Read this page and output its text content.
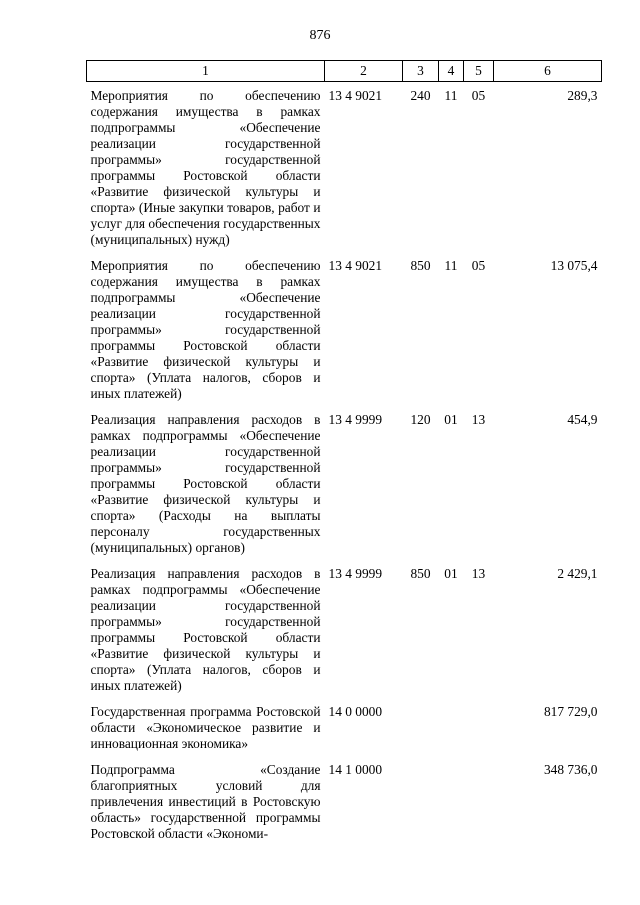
876
1	2	3	4	5	6
Мероприятия по обеспечению содержания имущества в рамках подпрограммы «Обеспечение реализации государственной программы» государственной программы Ростовской области «Развитие физической культуры и спорта» (Иные закупки товаров, работ и услуг для обеспечения государственных (муниципальных) нужд)	13 4 9021	240	11	05	289,3
Мероприятия по обеспечению содержания имущества в рамках подпрограммы «Обеспечение реализации государственной программы» государственной программы Ростовской области «Развитие физической культуры и спорта» (Уплата налогов, сборов и иных платежей)	13 4 9021	850	11	05	13 075,4
Реализация направления расходов в рамках подпрограммы «Обеспечение реализации государственной программы» государственной программы Ростовской области «Развитие физической культуры и спорта» (Расходы на выплаты персоналу государственных (муниципальных) органов)	13 4 9999	120	01	13	454,9
Реализация направления расходов в рамках подпрограммы «Обеспечение реализации государственной программы» государственной программы Ростовской области «Развитие физической культуры и спорта» (Уплата налогов, сборов и иных платежей)	13 4 9999	850	01	13	2 429,1
Государственная программа Ростовской области «Экономическое развитие и инновационная экономика»	14 0 0000				817 729,0
Подпрограмма «Создание благоприятных условий для привлечения инвестиций в Ростовскую область» государственной программы Ростовской области «Экономи-	14 1 0000				348 736,0
